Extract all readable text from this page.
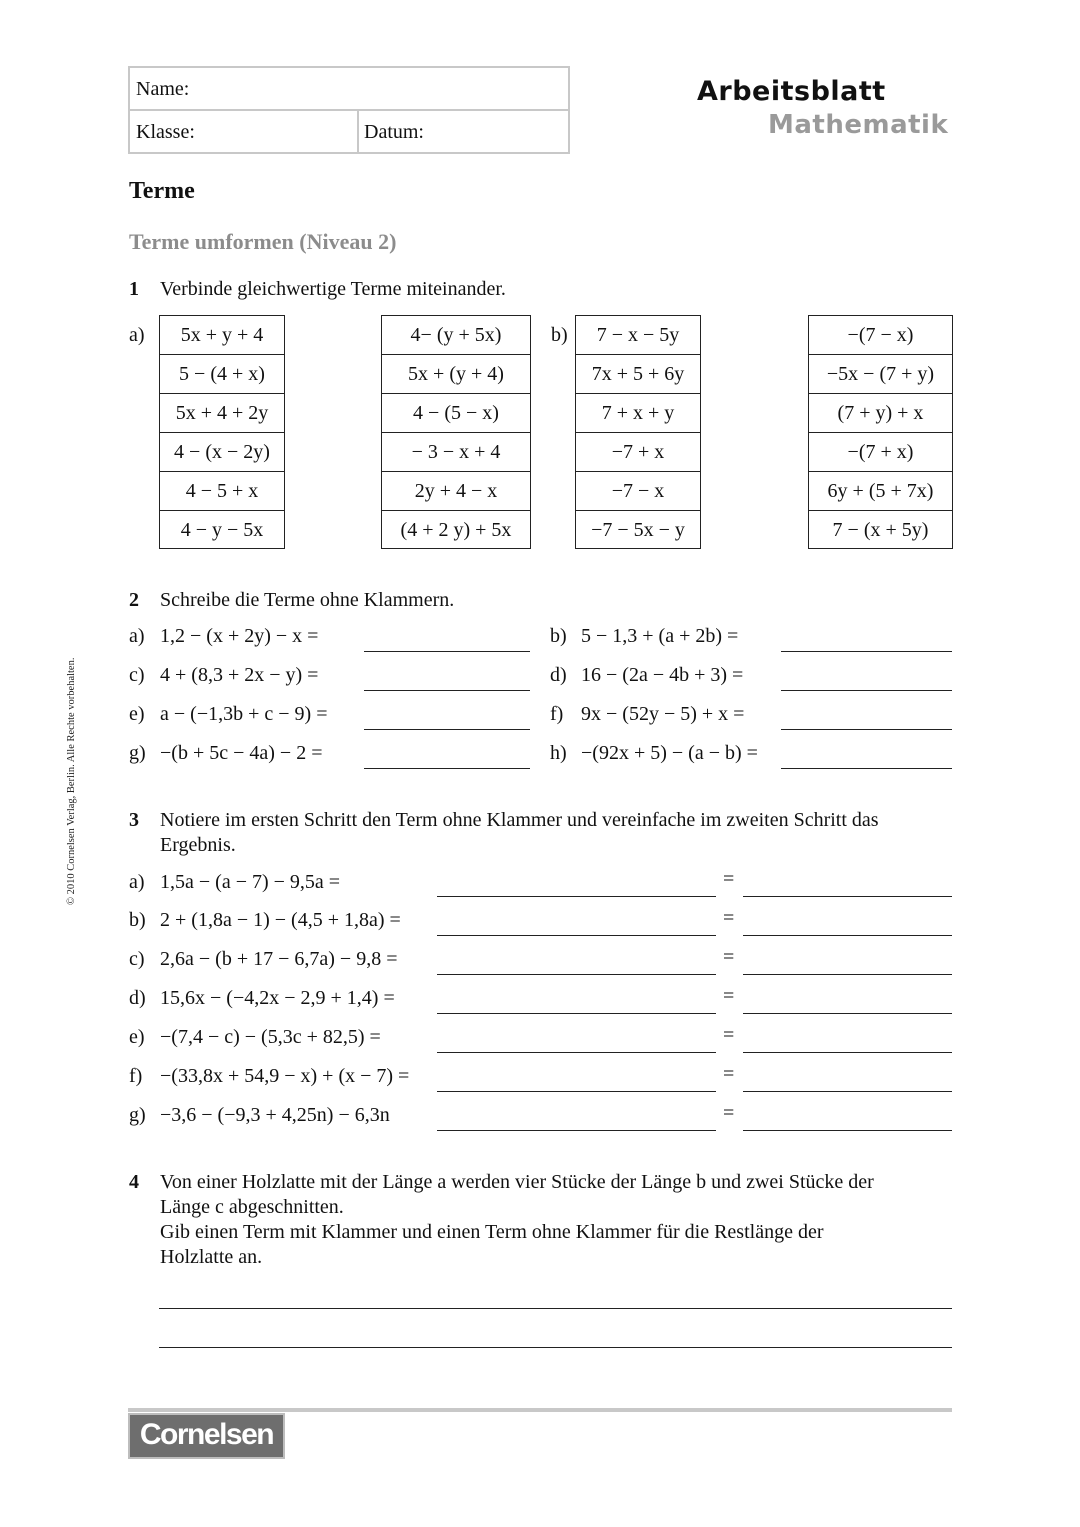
© 2010 Cornelsen Verlag, Berlin. Alle Rechte vorbehalten.
Name:
Klasse:	Datum:
Arbeitsblatt
Mathematik
Terme
Terme umformen (Niveau 2)
1 Verbinde gleichwertige Terme miteinander.
a)	b)
5x + y + 4
5 − (4 + x)
5x + 4 + 2y
4 − (x − 2y)
4 − 5 + x
4 − y − 5x
4− (y + 5x)
5x + (y + 4)
4 − (5 − x)
− 3 − x + 4
2y + 4 − x
(4 + 2 y) + 5x
7 − x − 5y
7x + 5 + 6y
7 + x + y
−7 + x
−7 − x
−7 − 5x − y
−(7 − x)
−5x − (7 + y)
(7 + y) + x
−(7 + x)
6y + (5 + 7x)
7 − (x + 5y)
2 Schreibe die Terme ohne Klammern.
a) 1,2 − (x + 2y) − x =	b) 5 − 1,3 + (a + 2b) =
c) 4 + (8,3 + 2x − y) =	d) 16 − (2a − 4b + 3) =
e) a − (−1,3b + c − 9) =	f) 9x − (52y − 5) + x =
g) −(b + 5c − 4a) − 2 =	h) −(92x + 5) − (a − b) =
3 Notiere im ersten Schritt den Term ohne Klammer und vereinfache im zweiten Schritt das
Ergebnis.
a) 1,5a − (a − 7) − 9,5a =	=
b) 2 + (1,8a − 1) − (4,5 + 1,8a) =	=
c) 2,6a − (b + 17 − 6,7a) − 9,8 =	=
d) 15,6x − (−4,2x − 2,9 + 1,4) =	=
e) −(7,4 − c) − (5,3c + 82,5) =	=
f) −(33,8x + 54,9 − x) + (x − 7) =	=
g) −3,6 − (−9,3 + 4,25n) − 6,3n	=
4 Von einer Holzlatte mit der Länge a werden vier Stücke der Länge b und zwei Stücke der
Länge c abgeschnitten.
Gib einen Term mit Klammer und einen Term ohne Klammer für die Restlänge der
Holzlatte an.
Cornelsen
